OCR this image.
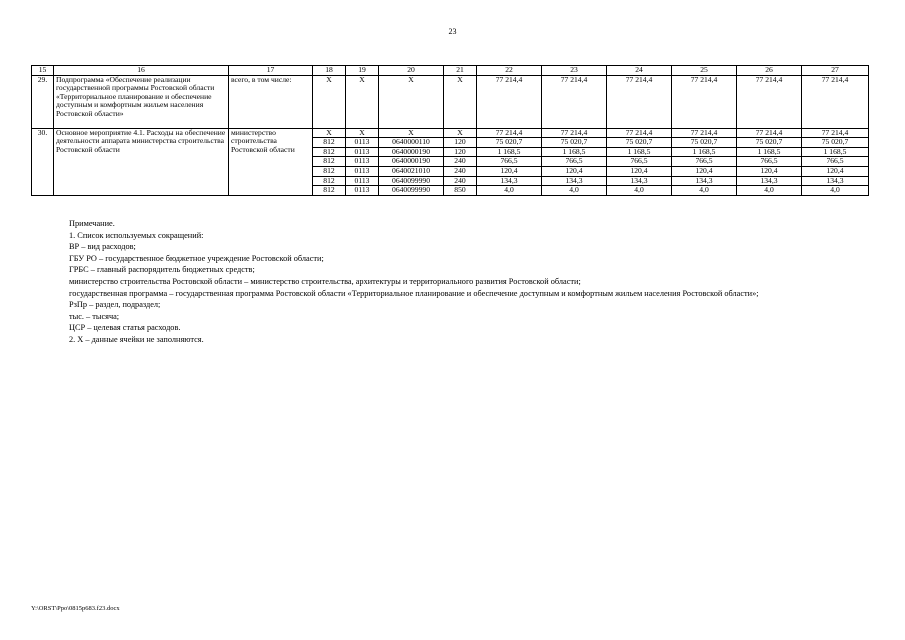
23
15	16	17	18	19	20	21	22	23	24	25	26	27
29.	Подпрограмма «Обеспечение реализации государственной программы Ростовской области «Территориальное планирование и обеспечение доступным и комфортным жильем населения Ростовской области»	всего, в том числе:	X	X	X	X	77 214,4	77 214,4	77 214,4	77 214,4	77 214,4	77 214,4
30.	Основное мероприятие 4.1. Расходы на обеспечение деятельности аппарата министерства строительства Ростовской области	министерство строительства Ростовской области	X	X	X	X	77 214,4	77 214,4	77 214,4	77 214,4	77 214,4	77 214,4
			812	0113	0640000110	120	75 020,7	75 020,7	75 020,7	75 020,7	75 020,7	75 020,7
			812	0113	0640000190	120	1 168,5	1 168,5	1 168,5	1 168,5	1 168,5	1 168,5
			812	0113	0640000190	240	766,5	766,5	766,5	766,5	766,5	766,5
			812	0113	0640021010	240	120,4	120,4	120,4	120,4	120,4	120,4
			812	0113	0640099990	240	134,3	134,3	134,3	134,3	134,3	134,3
			812	0113	0640099990	850	4,0	4,0	4,0	4,0	4,0	4,0
Примечание.
1. Список используемых сокращений:
ВР – вид расходов;
ГБУ РО – государственное бюджетное учреждение Ростовской области;
ГРБС – главный распорядитель бюджетных средств;
министерство строительства Ростовской области – министерство строительства, архитектуры и территориального развития Ростовской области;
государственная программа – государственная программа Ростовской области «Территориальное планирование и обеспечение доступным и комфортным жильем населения Ростовской области»;
РзПр – раздел, подраздел;
тыс. – тысяча;
ЦСР – целевая статья расходов.
2. X – данные ячейки не заполняются.
Y:\ORST\Ppo\0815p683.f23.docx
